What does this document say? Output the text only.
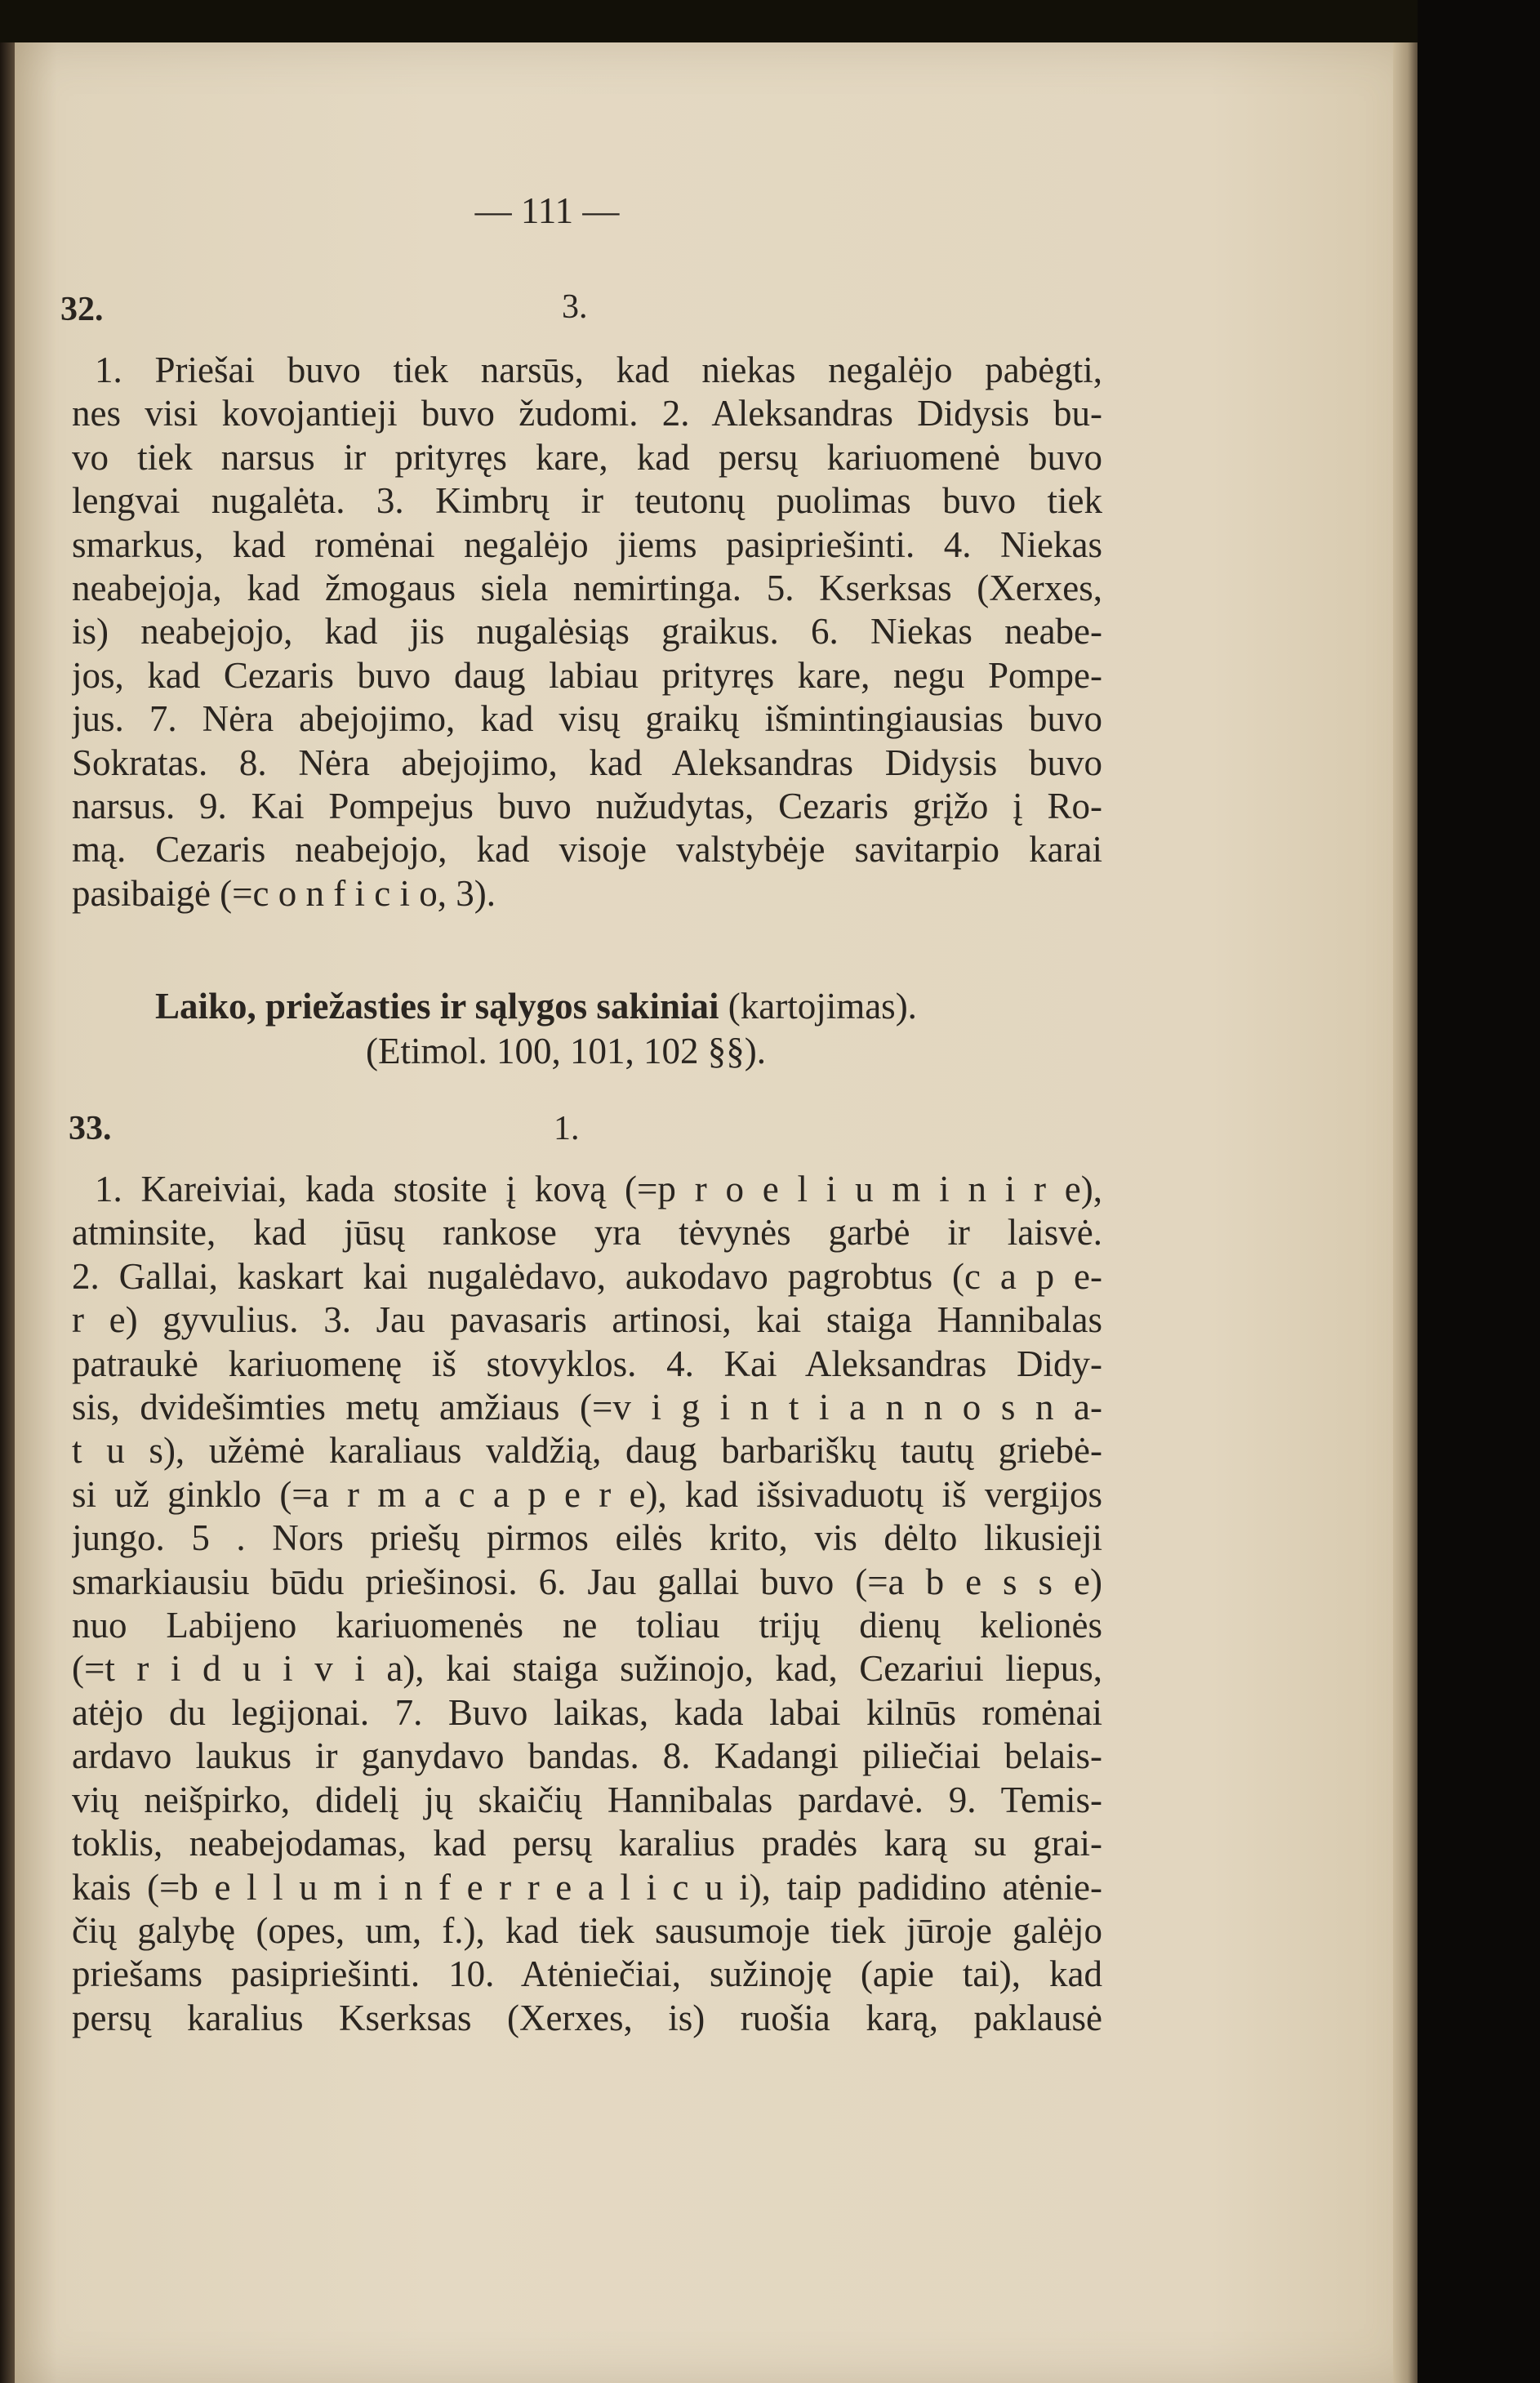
— 111 —
32.	3.
1. Priešai buvo tiek narsūs, kad niekas negalėjo pabėgti,
nes visi kovojantieji buvo žudomi. 2. Aleksandras Didysis bu-
vo tiek narsus ir prityręs kare, kad persų kariuomenė buvo
lengvai nugalėta. 3. Kimbrų ir teutonų puolimas buvo tiek
smarkus, kad romėnai negalėjo jiems pasipriešinti. 4. Niekas
neabejoja, kad žmogaus siela nemirtinga. 5. Kserksas (Xerxes,
is) neabejojo, kad jis nugalėsiąs graikus. 6. Niekas neabe-
jos, kad Cezaris buvo daug labiau prityręs kare, negu Pompe-
jus. 7. Nėra abejojimo, kad visų graikų išmintingiausias buvo
Sokratas. 8. Nėra abejojimo, kad Aleksandras Didysis buvo
narsus. 9. Kai Pompejus buvo nužudytas, Cezaris grįžo į Ro-
mą. Cezaris neabejojo, kad visoje valstybėje savitarpio karai
pasibaigė (=c o n f i c i o, 3).
Laiko, priežasties ir sąlygos sakiniai (kartojimas).
(Etimol. 100, 101, 102 §§).
33.	1.
1. Kareiviai, kada stosite į kovą (=p r o e l i u m i n i r e),
atminsite, kad jūsų rankose yra tėvynės garbė ir laisvė.
2. Gallai, kaskart kai nugalėdavo, aukodavo pagrobtus (c a p e-
r e) gyvulius. 3. Jau pavasaris artinosi, kai staiga Hannibalas
patraukė kariuomenę iš stovyklos. 4. Kai Aleksandras Didy-
sis, dvidešimties metų amžiaus (=v i g i n t i a n n o s n a-
t u s), užėmė karaliaus valdžią, daug barbariškų tautų griebė-
si už ginklo (=a r m a c a p e r e), kad išsivaduotų iš vergijos
jungo. 5 . Nors priešų pirmos eilės krito, vis dėlto likusieji
smarkiausiu būdu priešinosi. 6. Jau gallai buvo (=a b e s s e)
nuo Labijeno kariuomenės ne toliau trijų dienų kelionės
(=t r i d u i v i a), kai staiga sužinojo, kad, Cezariui liepus,
atėjo du legijonai. 7. Buvo laikas, kada labai kilnūs romėnai
ardavo laukus ir ganydavo bandas. 8. Kadangi piliečiai belais-
vių neišpirko, didelį jų skaičių Hannibalas pardavė. 9. Temis-
toklis, neabejodamas, kad persų karalius pradės karą su grai-
kais (=b e l l u m i n f e r r e a l i c u i), taip padidino atėnie-
čių galybę (opes, um, f.), kad tiek sausumoje tiek jūroje galėjo
priešams pasipriešinti. 10. Atėniečiai, sužinoję (apie tai), kad
persų karalius Kserksas (Xerxes, is) ruošia karą, paklausė
